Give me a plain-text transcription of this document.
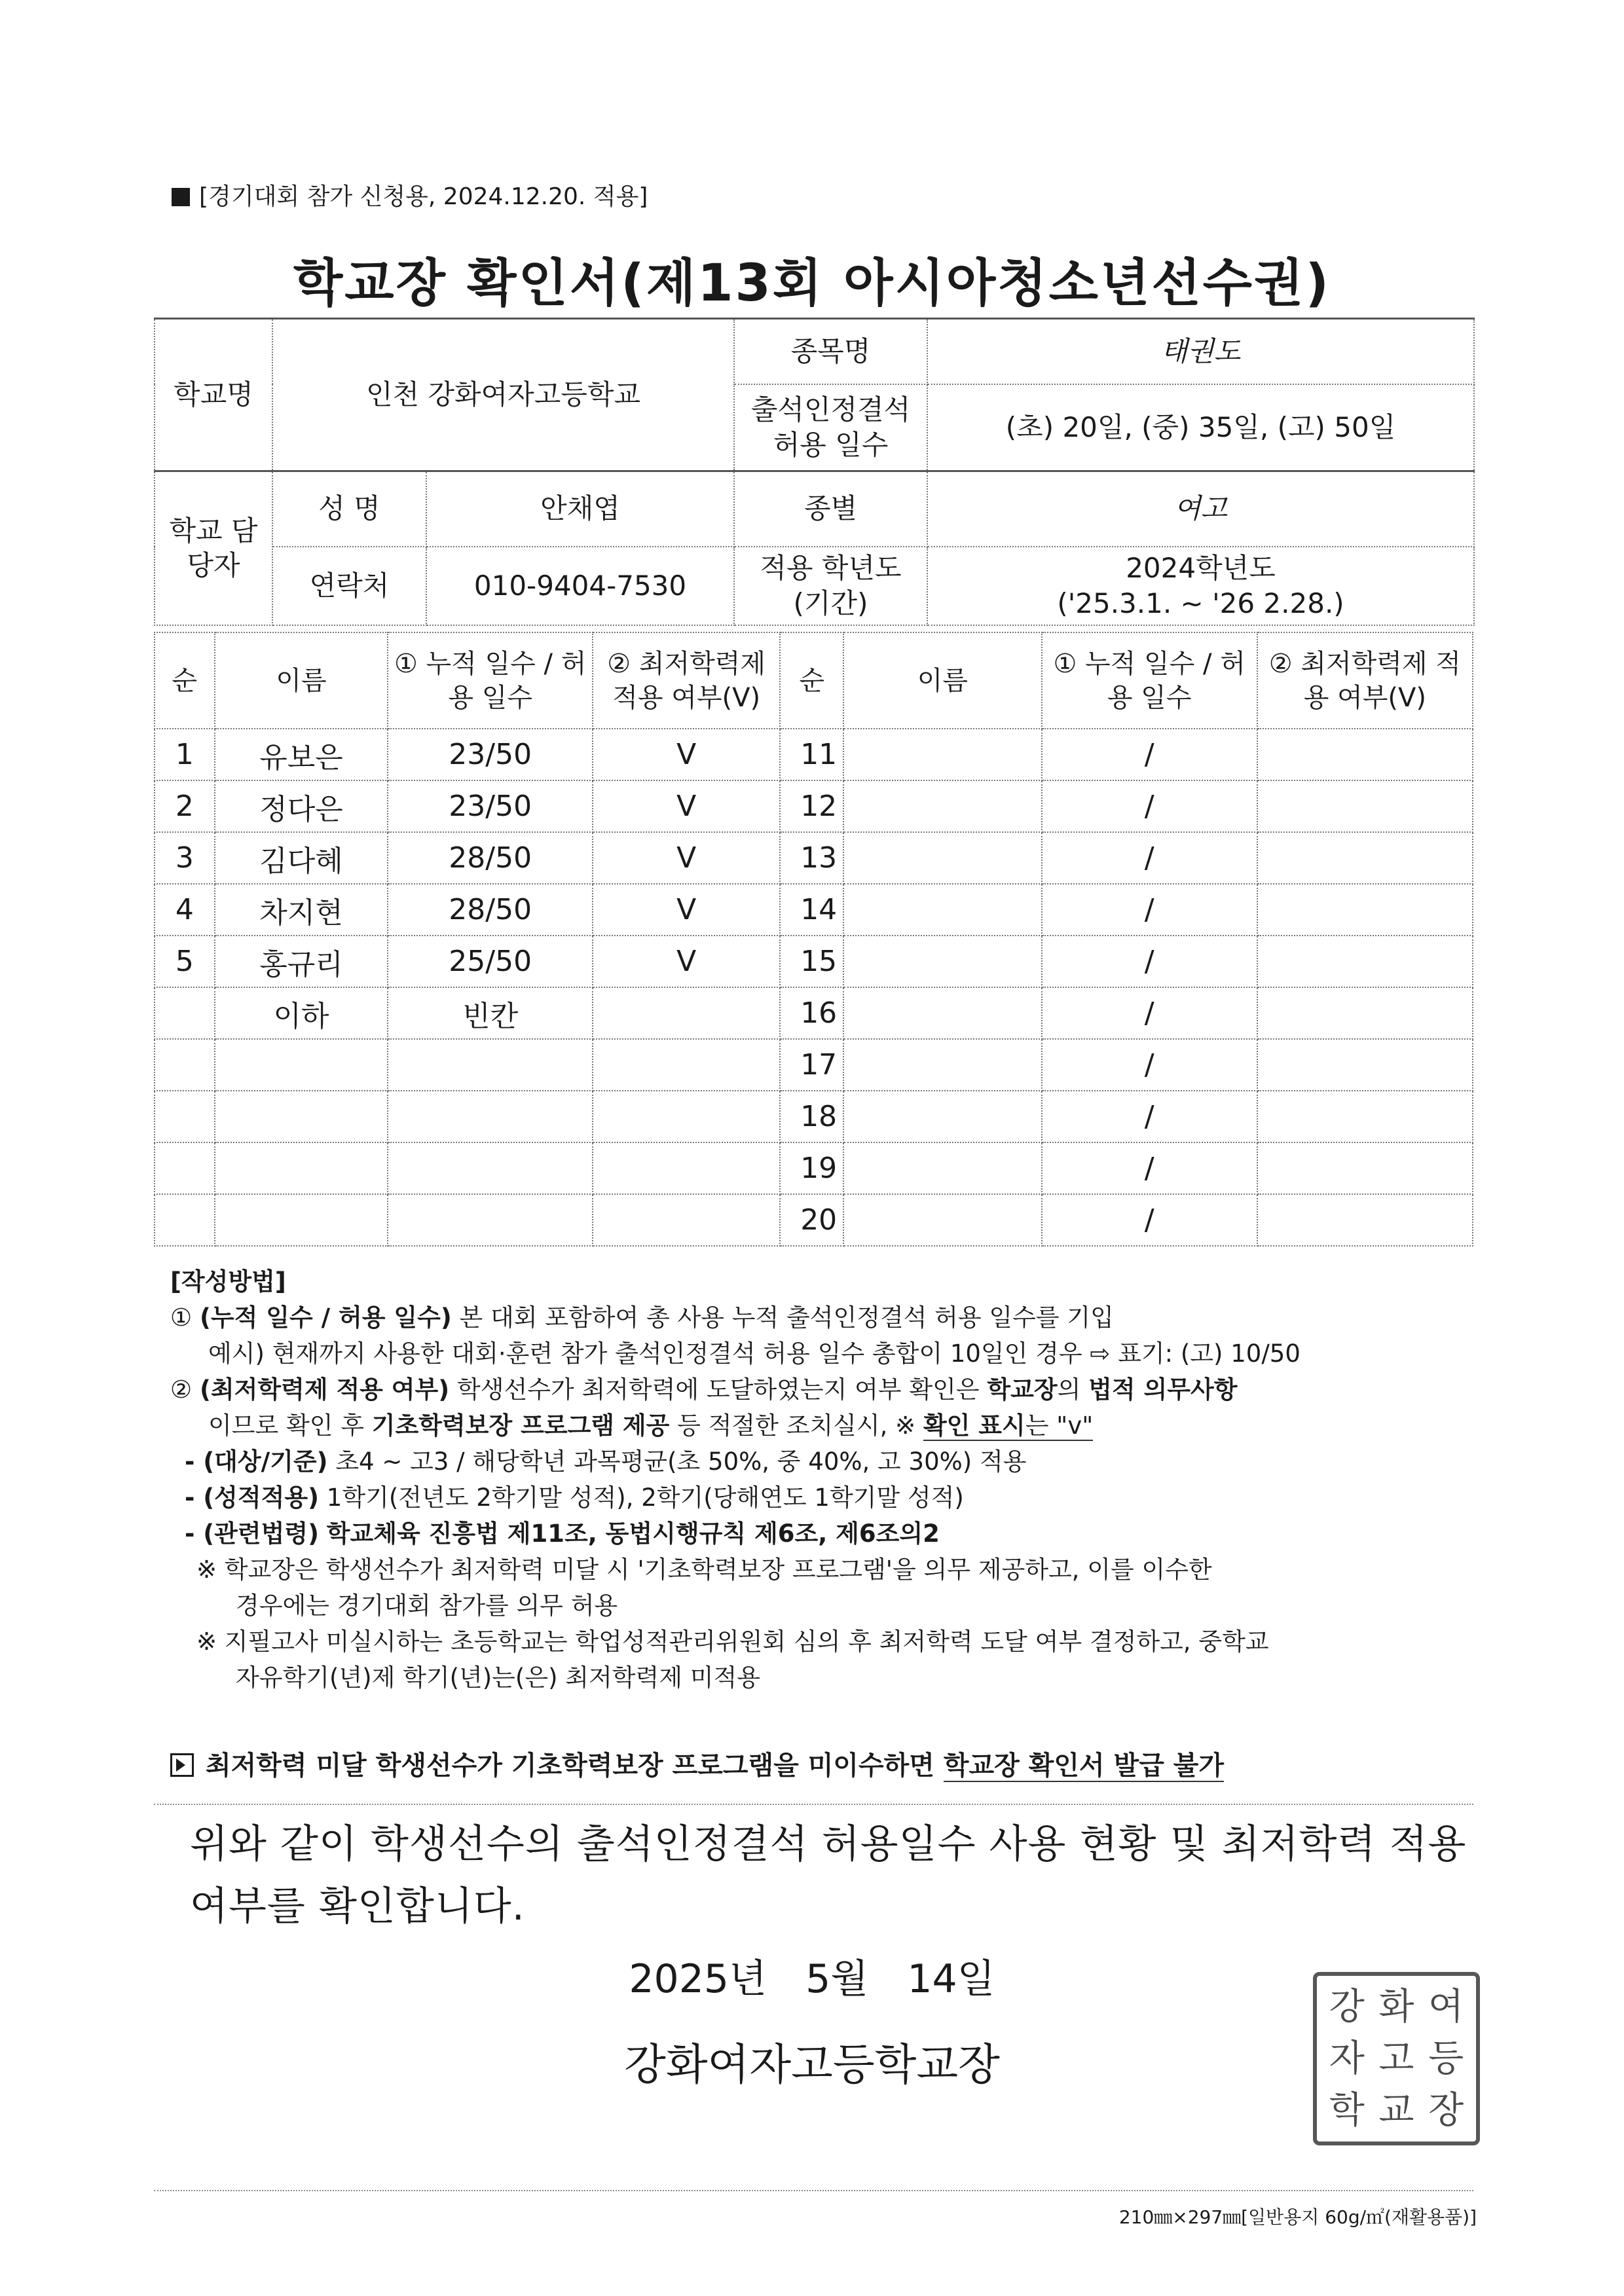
[경기대회 참가 신청용, 2024.12.20. 적용]
학교장 확인서(제13회 아시아청소년선수권)
학교명	인천 강화여자고등학교		종목명	태권도
			출석인정결석 허용 일수	(초) 20일, (중) 35일, (고) 50일
학교 담당자	성 명	안채엽	종별	여고
	연락처	010-9404-7530	적용 학년도 (기간)	2024학년도
('25.3.1. ~ '26 2.28.)
순	이름	① 누적 일수 / 허용 일수	② 최저학력제 적용 여부(V)	순	이름	① 누적 일수 / 허용 일수	② 최저학력제 적용 여부(V)
1	유보은	23/50	V	11		/	
2	정다은	23/50	V	12		/	
3	김다혜	28/50	V	13		/	
4	차지현	28/50	V	14		/	
5	홍규리	25/50	V	15		/	
	이하	빈칸		16		/	
				17		/	
				18		/	
				19		/	
				20		/	
[작성방법]
① (누적 일수 / 허용 일수) 본 대회 포함하여 총 사용 누적 출석인정결석 허용 일수를 기입
예시) 현재까지 사용한 대회·훈련 참가 출석인정결석 허용 일수 총합이 10일인 경우 ⇨ 표기: (고) 10/50
② (최저학력제 적용 여부) 학생선수가 최저학력에 도달하였는지 여부 확인은 학교장의 법적 의무사항
이므로 확인 후 기초학력보장 프로그램 제공 등 적절한 조치실시, ※ 확인 표시는 "v"
- (대상/기준) 초4 ~ 고3 / 해당학년 과목평균(초 50%, 중 40%, 고 30%) 적용
- (성적적용) 1학기(전년도 2학기말 성적), 2학기(당해연도 1학기말 성적)
- (관련법령) 학교체육 진흥법 제11조, 동법시행규칙 제6조, 제6조의2
※ 학교장은 학생선수가 최저학력 미달 시 '기초학력보장 프로그램'을 의무 제공하고, 이를 이수한
경우에는 경기대회 참가를 의무 허용
※ 지필고사 미실시하는 초등학교는 학업성적관리위원회 심의 후 최저학력 도달 여부 결정하고, 중학교
자유학기(년)제 학기(년)는(은) 최저학력제 미적용
최저학력 미달 학생선수가 기초학력보장 프로그램을 미이수하면 학교장 확인서 발급 불가
위와 같이 학생선수의 출석인정결석 허용일수 사용 현황 및 최저학력 적용 여부를 확인합니다.
2025년 5월 14일
강화여자고등학교장
강 화 여
자 고 등
학 교 장
210㎜×297㎜[일반용지 60g/㎡(재활용품)]
